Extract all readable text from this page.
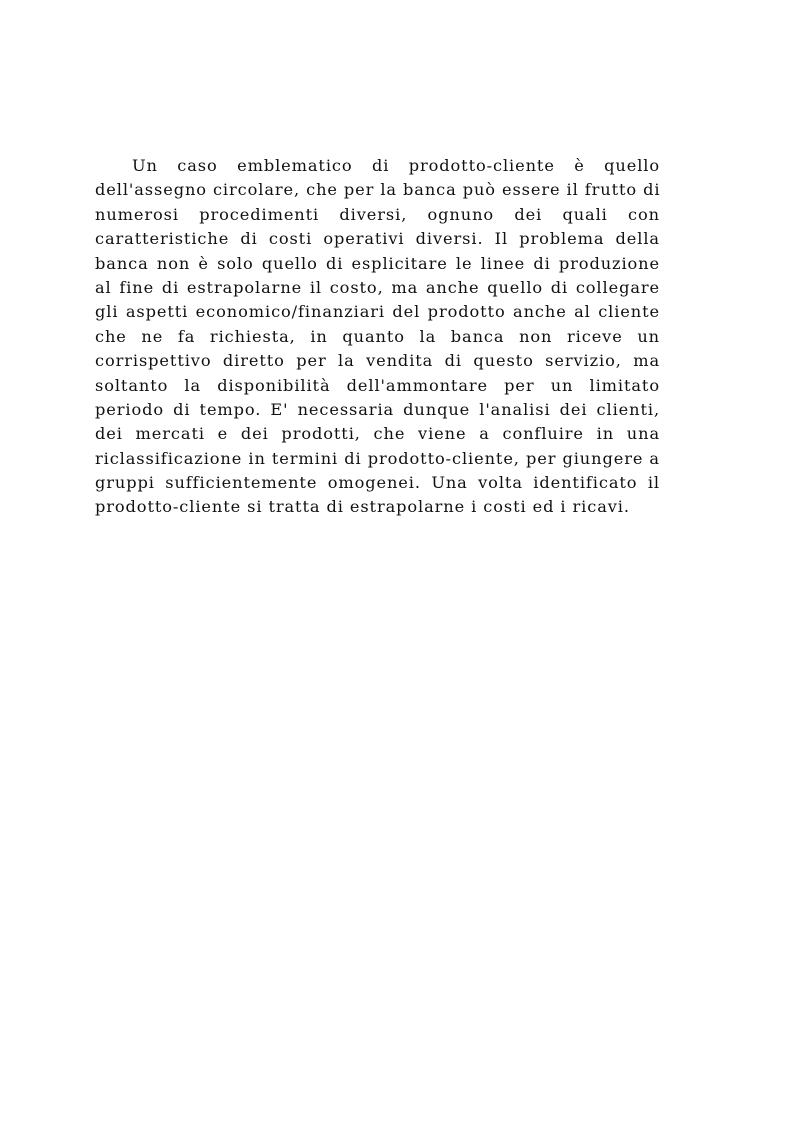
Un caso emblematico di prodotto-cliente è quello
dell'assegno circolare, che per la banca può essere il frutto di
numerosi procedimenti diversi, ognuno dei quali con
caratteristiche di costi operativi diversi. Il problema della
banca non è solo quello di esplicitare le linee di produzione
al fine di estrapolarne il costo, ma anche quello di collegare
gli aspetti economico/finanziari del prodotto anche al cliente
che ne fa richiesta, in quanto la banca non riceve un
corrispettivo diretto per la vendita di questo servizio, ma
soltanto la disponibilità dell'ammontare per un limitato
periodo di tempo. E' necessaria dunque l'analisi dei clienti,
dei mercati e dei prodotti, che viene a confluire in una
riclassificazione in termini di prodotto-cliente, per giungere a
gruppi sufficientemente omogenei. Una volta identificato il
prodotto-cliente si tratta di estrapolarne i costi ed i ricavi.
